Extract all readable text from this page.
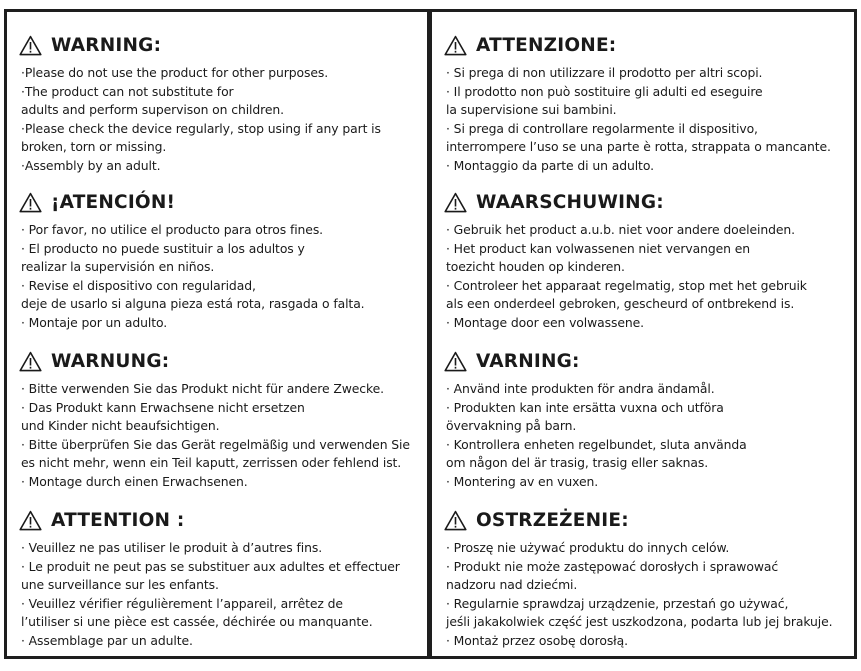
WARNING:
·Please do not use the product for other purposes.
·The product can not substitute for
adults and perform supervison on children.
·Please check the device regularly, stop using if any part is
broken, torn or missing.
·Assembly by an adult.
¡ATENCIÓN!
· Por favor, no utilice el producto para otros fines.
· El producto no puede sustituir a los adultos y
realizar la supervisión en niños.
· Revise el dispositivo con regularidad,
deje de usarlo si alguna pieza está rota, rasgada o falta.
· Montaje por un adulto.
WARNUNG:
· Bitte verwenden Sie das Produkt nicht für andere Zwecke.
· Das Produkt kann Erwachsene nicht ersetzen
und Kinder nicht beaufsichtigen.
· Bitte überprüfen Sie das Gerät regelmäßig und verwenden Sie
es nicht mehr, wenn ein Teil kaputt, zerrissen oder fehlend ist.
· Montage durch einen Erwachsenen.
ATTENTION :
· Veuillez ne pas utiliser le produit à d’autres fins.
· Le produit ne peut pas se substituer aux adultes et effectuer
une surveillance sur les enfants.
· Veuillez vérifier régulièrement l’appareil, arrêtez de
l’utiliser si une pièce est cassée, déchirée ou manquante.
· Assemblage par un adulte.
ATTENZIONE:
· Si prega di non utilizzare il prodotto per altri scopi.
· Il prodotto non può sostituire gli adulti ed eseguire
la supervisione sui bambini.
· Si prega di controllare regolarmente il dispositivo,
interrompere l’uso se una parte è rotta, strappata o mancante.
· Montaggio da parte di un adulto.
WAARSCHUWING:
· Gebruik het product a.u.b. niet voor andere doeleinden.
· Het product kan volwassenen niet vervangen en
toezicht houden op kinderen.
· Controleer het apparaat regelmatig, stop met het gebruik
als een onderdeel gebroken, gescheurd of ontbrekend is.
· Montage door een volwassene.
VARNING:
· Använd inte produkten för andra ändamål.
· Produkten kan inte ersätta vuxna och utföra
övervakning på barn.
· Kontrollera enheten regelbundet, sluta använda
om någon del är trasig, trasig eller saknas.
· Montering av en vuxen.
OSTRZEŻENIE:
· Proszę nie używać produktu do innych celów.
· Produkt nie może zastępować dorosłych i sprawować
nadzoru nad dziećmi.
· Regularnie sprawdzaj urządzenie, przestań go używać,
jeśli jakakolwiek część jest uszkodzona, podarta lub jej brakuje.
· Montaż przez osobę dorosłą.
